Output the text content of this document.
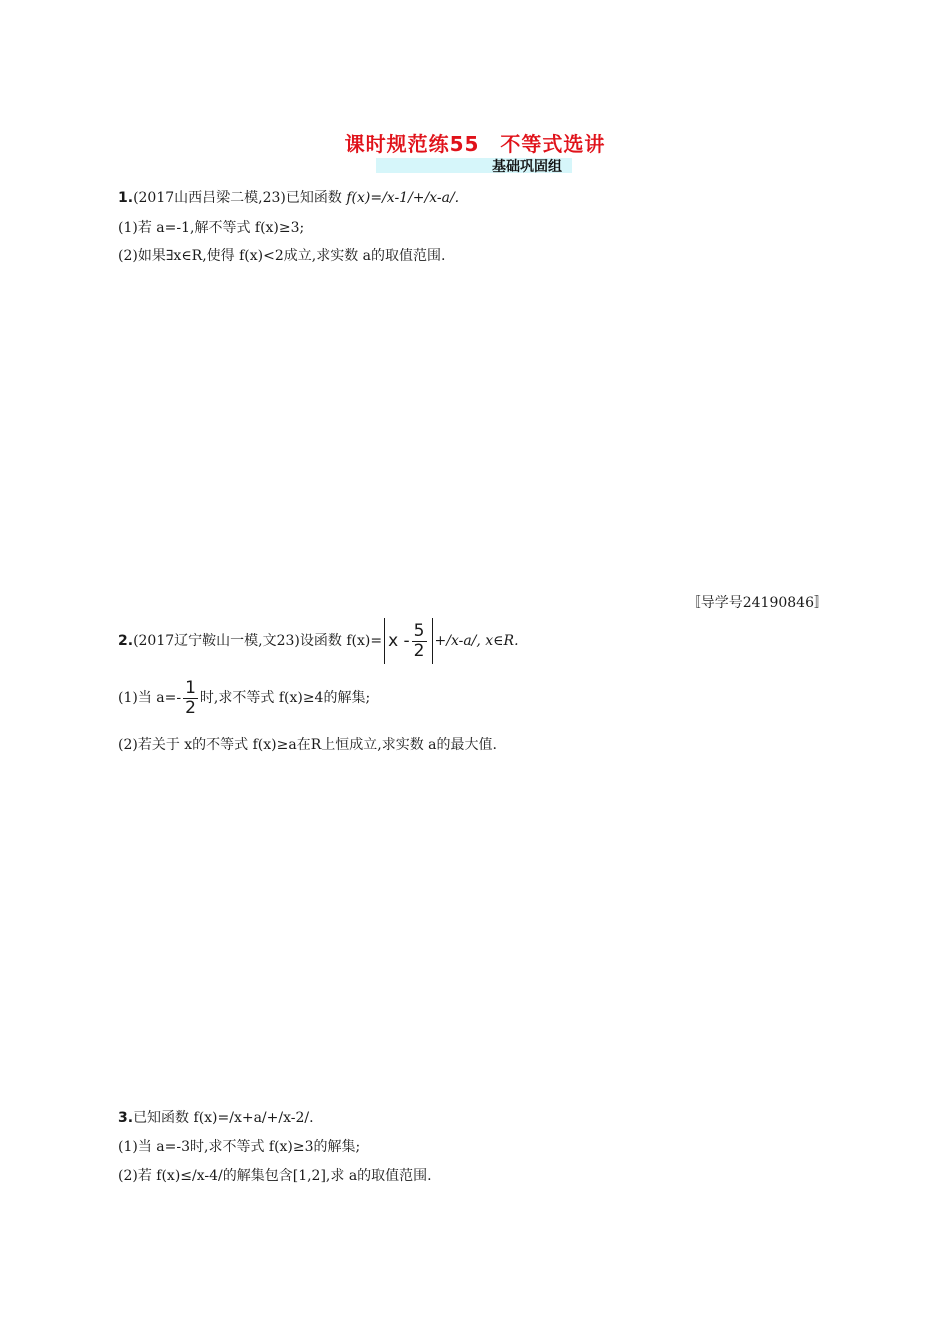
课时规范练55　不等式选讲
基础巩固组
1.(2017山西吕梁二模,23)已知函数 f(x)=/x-1/+/x-a/.
(1)若 a=-1,解不等式 f(x)≥3;
(2)如果∃x∈R,使得 f(x)<2成立,求实数 a的取值范围.
〚导学号24190846〛
2.(2017辽宁鞍山一模,文23)设函数 $f(x)= x - \frac{5}{2} +/x-a/$, x∈R.
(1)当 $a=- \frac{1}{2}$ 时,求不等式 f(x)≥4的解集;
(2)若关于 x的不等式 f(x)≥a在R上恒成立,求实数 a的最大值.
3.已知函数 f(x)=/x+a/+/x-2/.
(1)当 a=-3时,求不等式 f(x)≥3的解集;
(2)若 f(x)≤/x-4/的解集包含[1,2],求 a的取值范围.
